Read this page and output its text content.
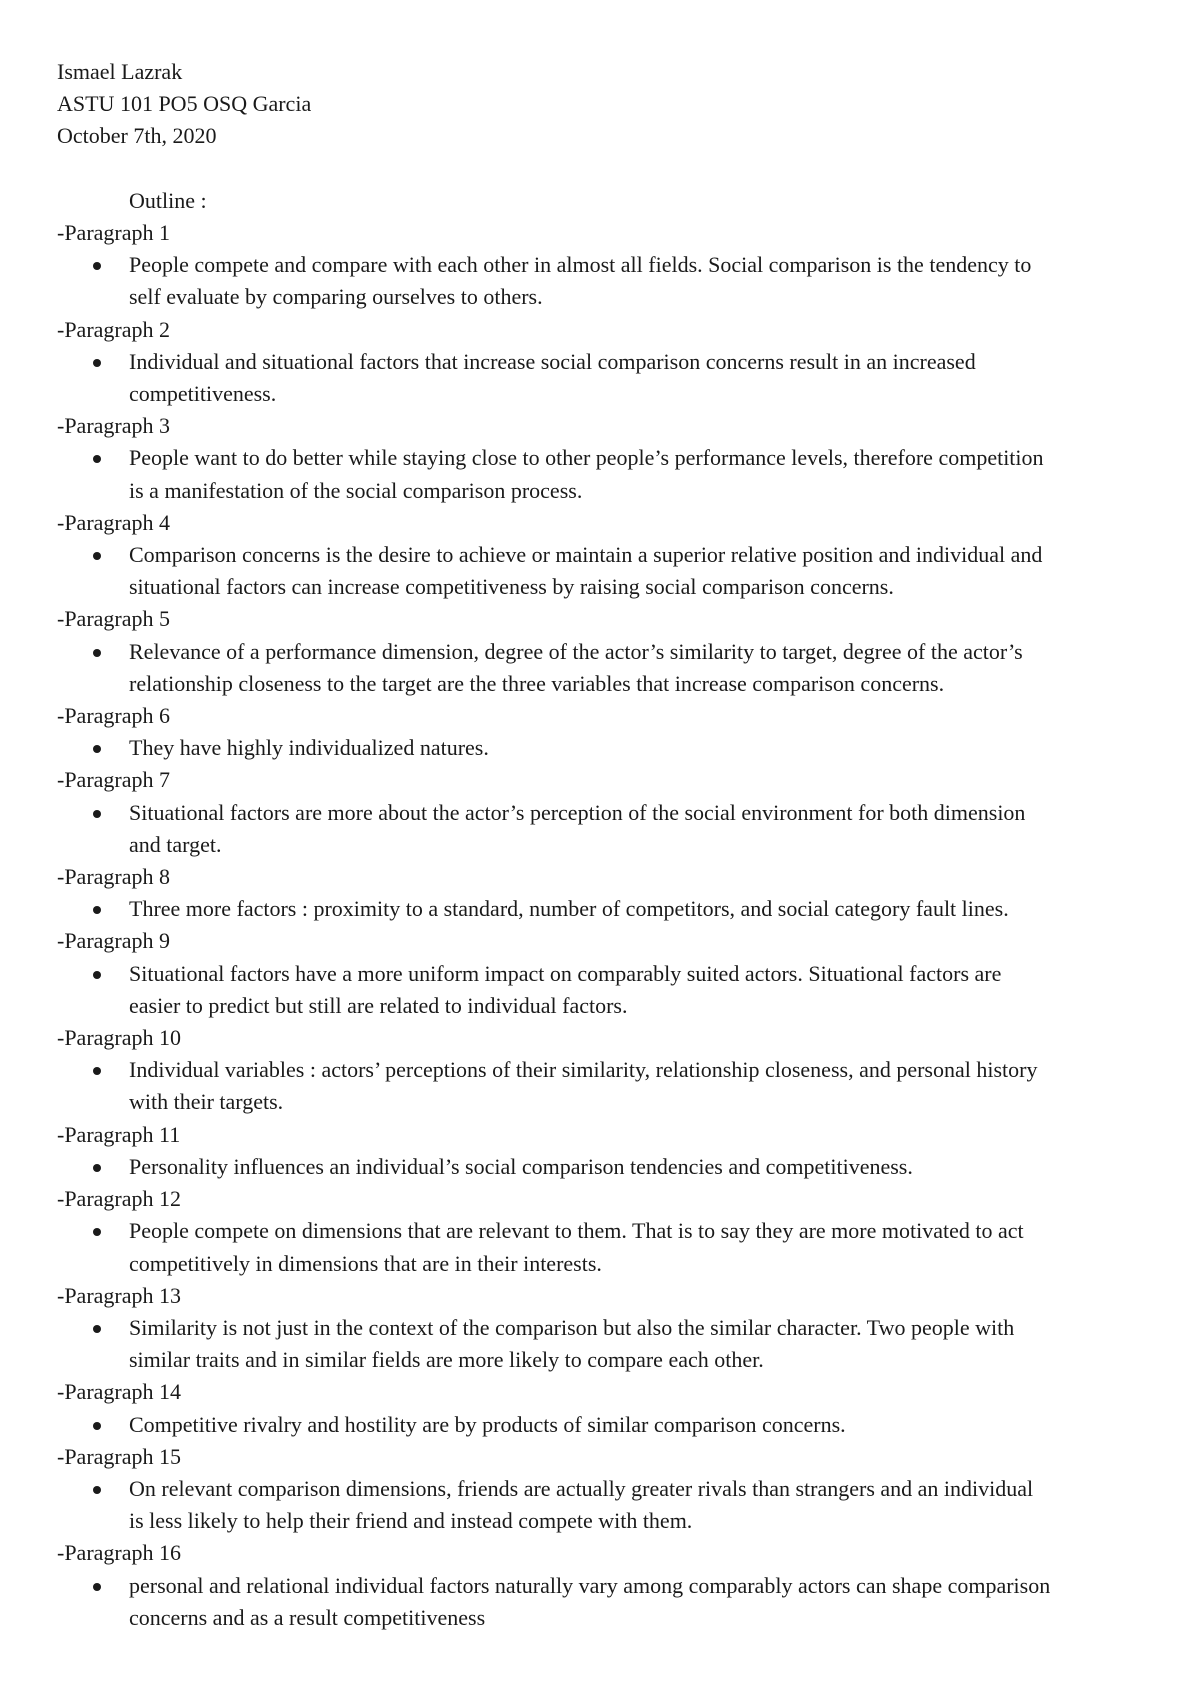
Ismael Lazrak
ASTU 101 PO5 OSQ Garcia
October 7th, 2020
Outline :
-Paragraph 1
People compete and compare with each other in almost all fields. Social comparison is the tendency to
self evaluate by comparing ourselves to others.
-Paragraph 2
Individual and situational factors that increase social comparison concerns result in an increased
competitiveness.
-Paragraph 3
People want to do better while staying close to other people’s performance levels, therefore competition
is a manifestation of the social comparison process.
-Paragraph 4
Comparison concerns is the desire to achieve or maintain a superior relative position and individual and
situational factors can increase competitiveness by raising social comparison concerns.
-Paragraph 5
Relevance of a performance dimension, degree of the actor’s similarity to target, degree of the actor’s
relationship closeness to the target are the three variables that increase comparison concerns.
-Paragraph 6
They have highly individualized natures.
-Paragraph 7
Situational factors are more about the actor’s perception of the social environment for both dimension
and target.
-Paragraph 8
Three more factors : proximity to a standard, number of competitors, and social category fault lines.
-Paragraph 9
Situational factors have a more uniform impact on comparably suited actors. Situational factors are
easier to predict but still are related to individual factors.
-Paragraph 10
Individual variables : actors’ perceptions of their similarity, relationship closeness, and personal history
with their targets.
-Paragraph 11
Personality influences an individual’s social comparison tendencies and competitiveness.
-Paragraph 12
People compete on dimensions that are relevant to them. That is to say they are more motivated to act
competitively in dimensions that are in their interests.
-Paragraph 13
Similarity is not just in the context of the comparison but also the similar character. Two people with
similar traits and in similar fields are more likely to compare each other.
-Paragraph 14
Competitive rivalry and hostility are by products of similar comparison concerns.
-Paragraph 15
On relevant comparison dimensions, friends are actually greater rivals than strangers and an individual
is less likely to help their friend and instead compete with them.
-Paragraph 16
personal and relational individual factors naturally vary among comparably actors can shape comparison
concerns and as a result competitiveness
